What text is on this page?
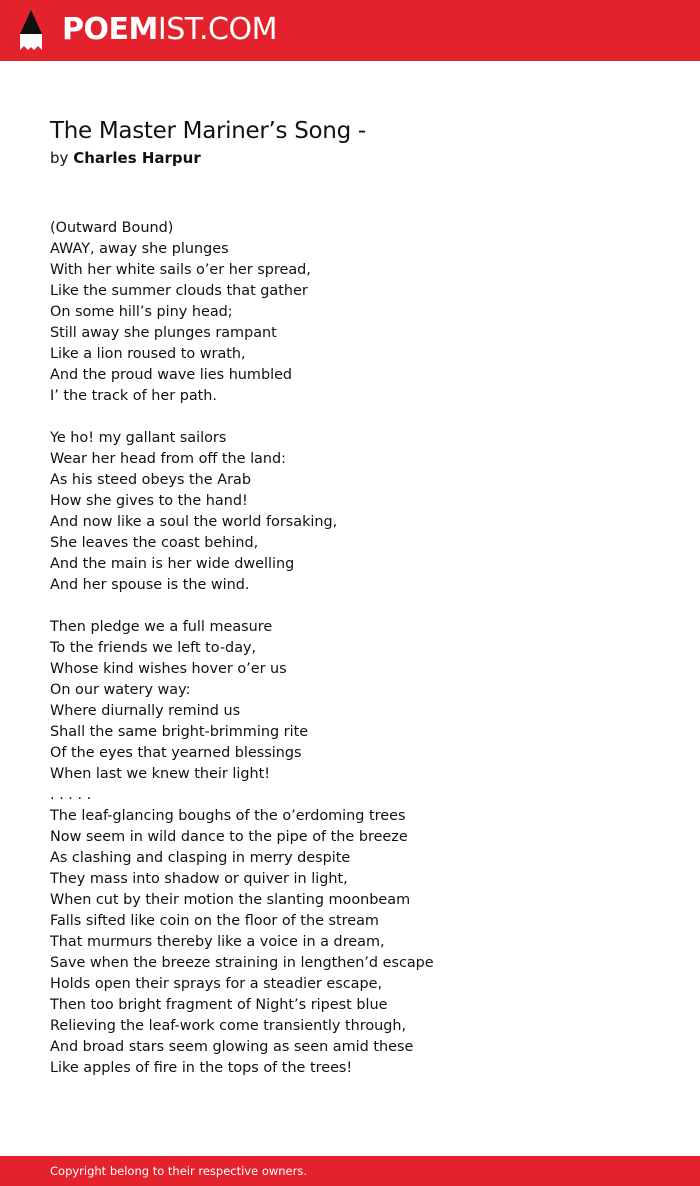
POEMIST.COM
The Master Mariner’s Song -
by Charles Harpur
(Outward Bound)
AWAY, away she plunges
With her white sails o’er her spread,
Like the summer clouds that gather
On some hill’s piny head;
Still away she plunges rampant
Like a lion roused to wrath,
And the proud wave lies humbled
I’ the track of her path.
Ye ho! my gallant sailors
Wear her head from off the land:
As his steed obeys the Arab
How she gives to the hand!
And now like a soul the world forsaking,
She leaves the coast behind,
And the main is her wide dwelling
And her spouse is the wind.
Then pledge we a full measure
To the friends we left to-day,
Whose kind wishes hover o’er us
On our watery way:
Where diurnally remind us
Shall the same bright-brimming rite
Of the eyes that yearned blessings
When last we knew their light!
. . . . .
The leaf-glancing boughs of the o’erdoming trees
Now seem in wild dance to the pipe of the breeze
As clashing and clasping in merry despite
They mass into shadow or quiver in light,
When cut by their motion the slanting moonbeam
Falls sifted like coin on the floor of the stream
That murmurs thereby like a voice in a dream,
Save when the breeze straining in lengthen’d escape
Holds open their sprays for a steadier escape,
Then too bright fragment of Night’s ripest blue
Relieving the leaf-work come transiently through,
And broad stars seem glowing as seen amid these
Like apples of fire in the tops of the trees!
Copyright belong to their respective owners.
